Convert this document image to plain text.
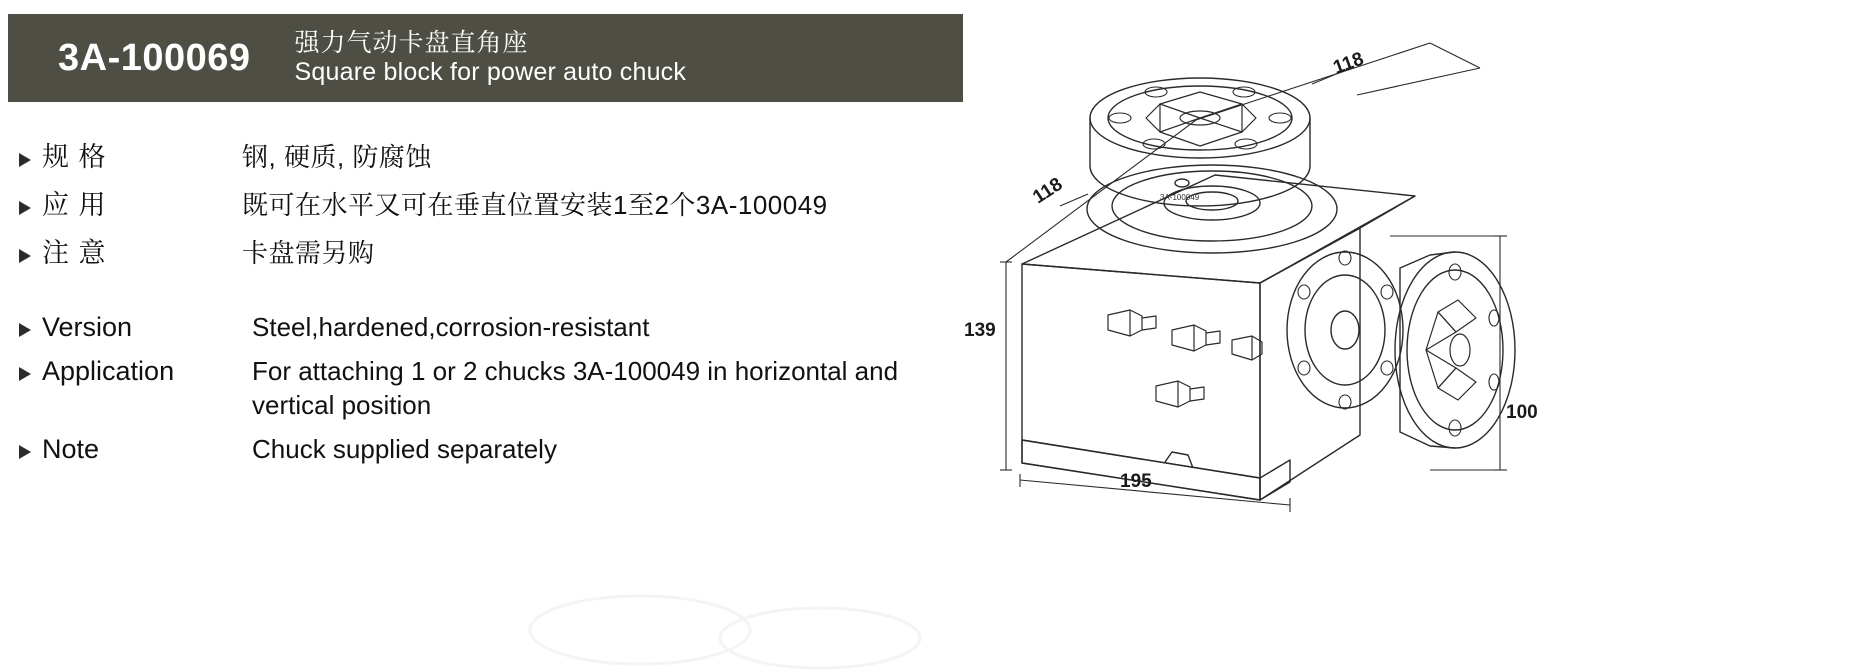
3A-100069 强力气动卡盘直角座
Square block for power auto chuck
规 格	钢, 硬质, 防腐蚀
应 用	既可在水平又可在垂直位置安装1至2个3A-100049
注 意	卡盘需另购
Version	Steel,hardened,corrosion-resistant
Application	For attaching 1 or 2 chucks 3A-100049 in horizontal and vertical position
Note	Chuck supplied separately
118
118
139
195
100
3A-100049
